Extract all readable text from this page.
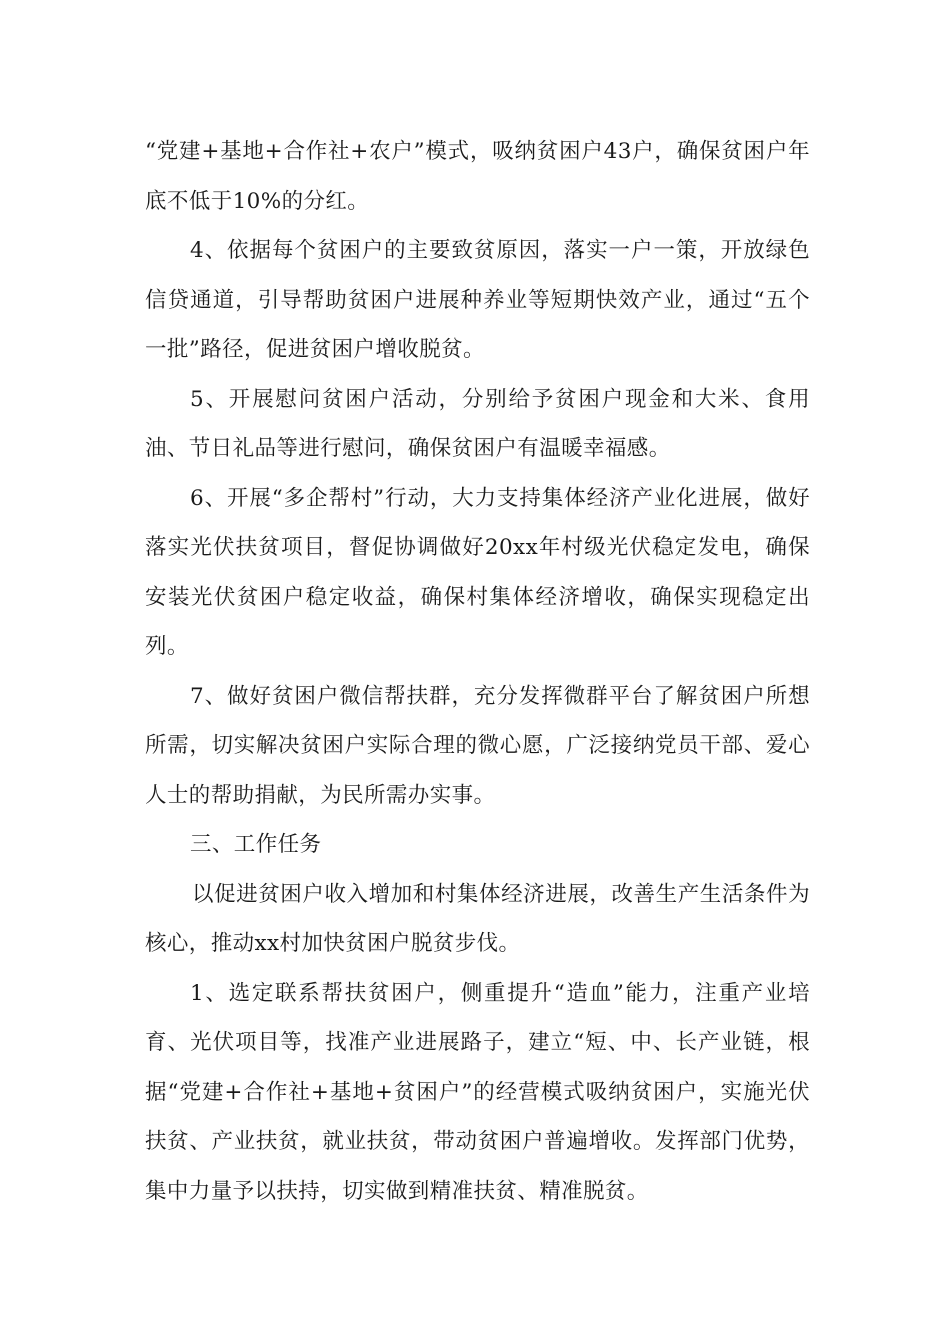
“党建+基地+合作社+农户”模式，吸纳贫困户43户，确保贫困户年底不低于10%的分红。

4、依据每个贫困户的主要致贫原因，落实一户一策，开放绿色信贷通道，引导帮助贫困户进展种养业等短期快效产业，通过“五个一批”路径，促进贫困户增收脱贫。

5、开展慰问贫困户活动，分别给予贫困户现金和大米、食用油、节日礼品等进行慰问，确保贫困户有温暖幸福感。

6、开展“多企帮村”行动，大力支持集体经济产业化进展，做好落实光伏扶贫项目，督促协调做好20xx年村级光伏稳定发电，确保安装光伏贫困户稳定收益，确保村集体经济增收，确保实现稳定出列。

7、做好贫困户微信帮扶群，充分发挥微群平台了解贫困户所想所需，切实解决贫困户实际合理的微心愿，广泛接纳党员干部、爱心人士的帮助捐献，为民所需办实事。

三、工作任务

以促进贫困户收入增加和村集体经济进展，改善生产生活条件为核心，推动xx村加快贫困户脱贫步伐。

1、选定联系帮扶贫困户，侧重提升“造血”能力，注重产业培育、光伏项目等，找准产业进展路子，建立“短、中、长产业链，根据“党建+合作社+基地+贫困户”的经营模式吸纳贫困户，实施光伏扶贫、产业扶贫，就业扶贫，带动贫困户普遍增收。发挥部门优势，集中力量予以扶持，切实做到精准扶贫、精准脱贫。
